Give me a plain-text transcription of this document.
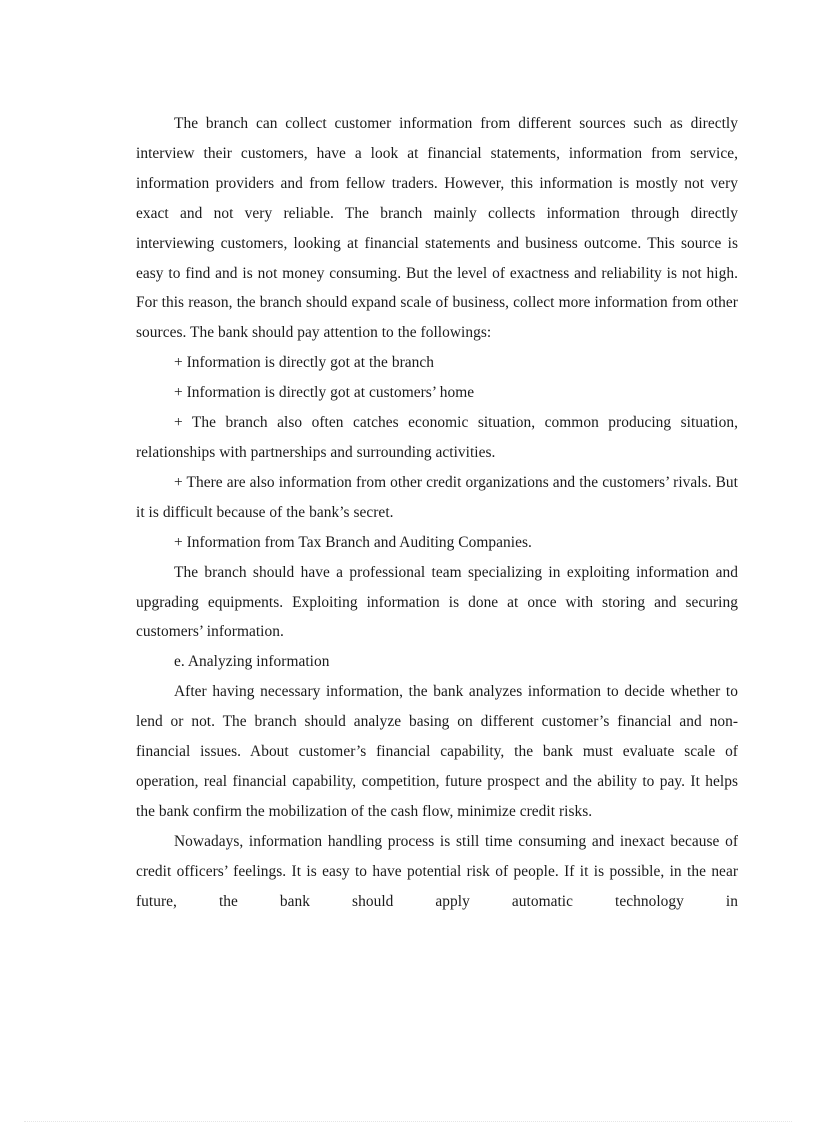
The branch can collect customer information from different sources such as directly interview their customers, have a look at financial statements, information from service, information providers and from fellow traders. However, this information is mostly not very exact and not very reliable. The branch mainly collects information through directly interviewing customers, looking at financial statements and business outcome. This source is easy to find and is not money consuming. But the level of exactness and reliability is not high. For this reason, the branch should expand scale of business, collect more information from other sources. The bank should pay attention to the followings:

+ Information is directly got at the branch

+ Information is directly got at customers’ home

+ The branch also often catches economic situation, common producing situation, relationships with partnerships and surrounding activities.

+ There are also information from other credit organizations and the customers’ rivals. But it is difficult because of the bank’s secret.

+ Information from Tax Branch and Auditing Companies.

The branch should have a professional team specializing in exploiting information and upgrading equipments. Exploiting information is done at once with storing and securing customers’ information.

e. Analyzing information

After having necessary information, the bank analyzes information to decide whether to lend or not. The branch should analyze basing on different customer’s financial and non-financial issues. About customer’s financial capability, the bank must evaluate scale of operation, real financial capability, competition, future prospect and the ability to pay. It helps the bank confirm the mobilization of the cash flow, minimize credit risks.

Nowadays, information handling process is still time consuming and inexact because of credit officers’ feelings. It is easy to have potential risk of people. If it is possible, in the near future, the bank should apply automatic technology in
